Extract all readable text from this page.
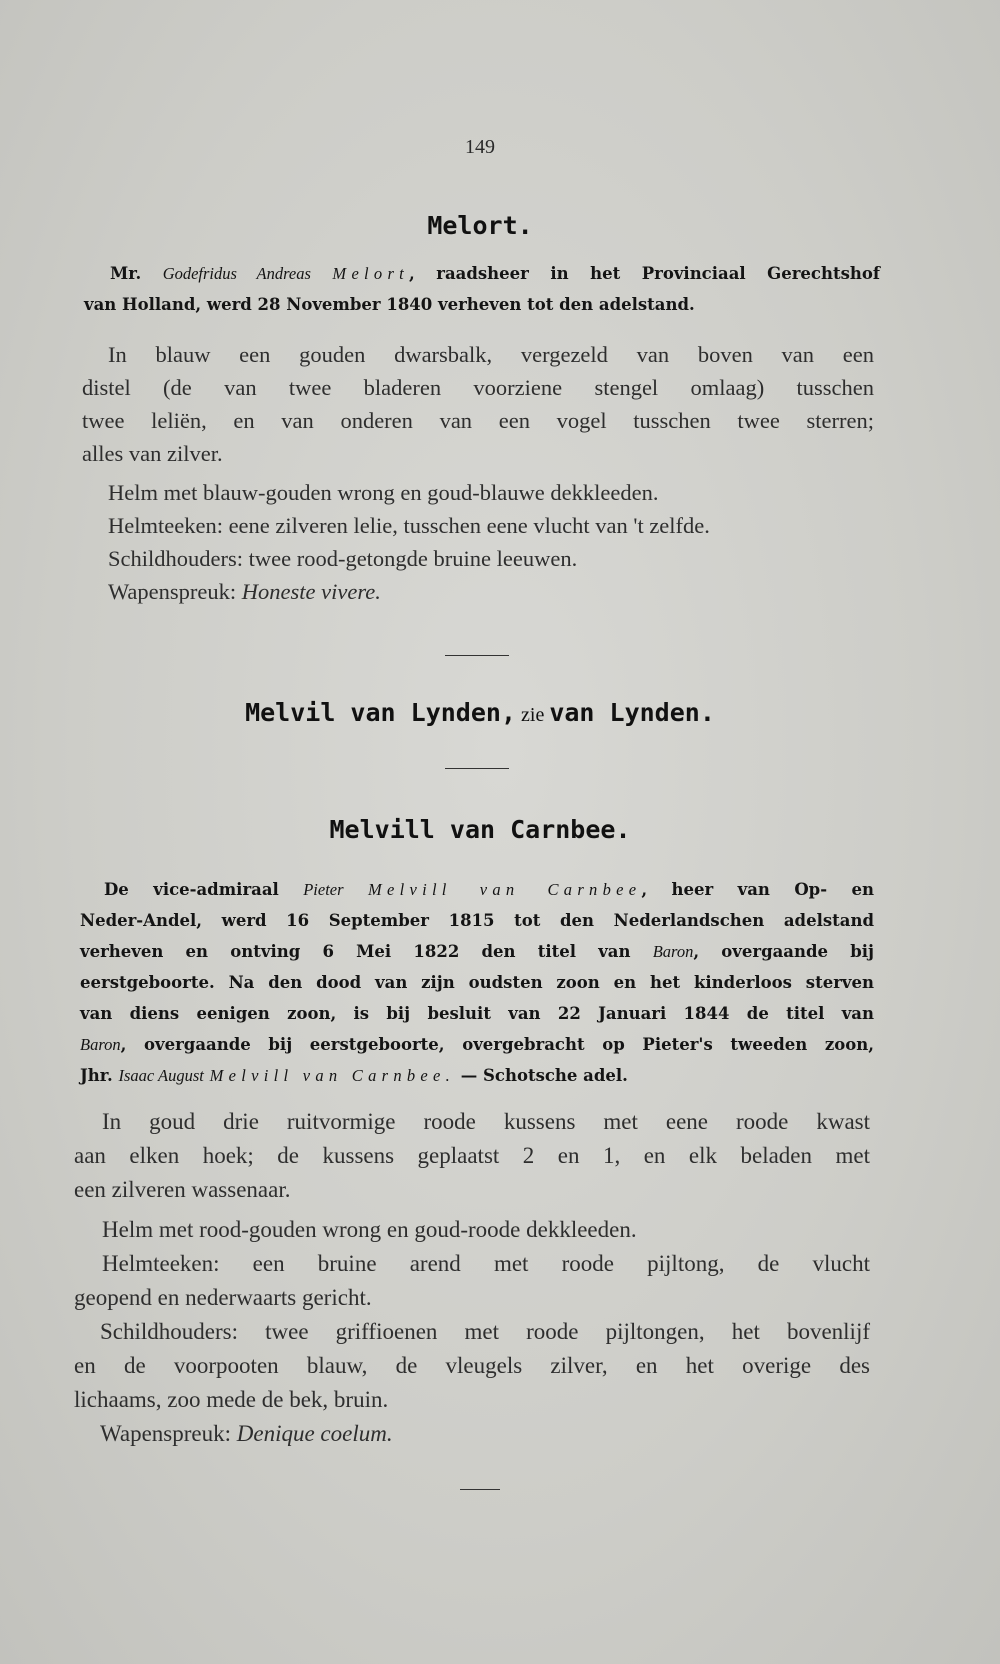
149
Melort.
Mr. Godefridus Andreas Melort, raadsheer in het Provinciaal Gerechtshof
van Holland, werd 28 November 1840 verheven tot den adelstand.
In blauw een gouden dwarsbalk, vergezeld van boven van een
distel (de van twee bladeren voorziene stengel omlaag) tusschen
twee leliën, en van onderen van een vogel tusschen twee sterren;
alles van zilver.
Helm met blauw-gouden wrong en goud-blauwe dekkleeden.
Helmteeken: eene zilveren lelie, tusschen eene vlucht van 't zelfde.
Schildhouders: twee rood-getongde bruine leeuwen.
Wapenspreuk: Honeste vivere.
Melvil van Lynden, zie van Lynden.
Melvill van Carnbee.
De vice-admiraal Pieter Melvill van Carnbee, heer van Op- en
Neder-Andel, werd 16 September 1815 tot den Nederlandschen adelstand
verheven en ontving 6 Mei 1822 den titel van Baron, overgaande bij
eerstgeboorte. Na den dood van zijn oudsten zoon en het kinderloos sterven
van diens eenigen zoon, is bij besluit van 22 Januari 1844 de titel van
Baron, overgaande bij eerstgeboorte, overgebracht op Pieter's tweeden zoon,
Jhr. Isaac August Melvill van Carnbee. — Schotsche adel.
In goud drie ruitvormige roode kussens met eene roode kwast
aan elken hoek; de kussens geplaatst 2 en 1, en elk beladen met
een zilveren wassenaar.
Helm met rood-gouden wrong en goud-roode dekkleeden.
Helmteeken: een bruine arend met roode pijltong, de vlucht
geopend en nederwaarts gericht.
Schildhouders: twee griffioenen met roode pijltongen, het bovenlijf
en de voorpooten blauw, de vleugels zilver, en het overige des
lichaams, zoo mede de bek, bruin.
Wapenspreuk: Denique coelum.
